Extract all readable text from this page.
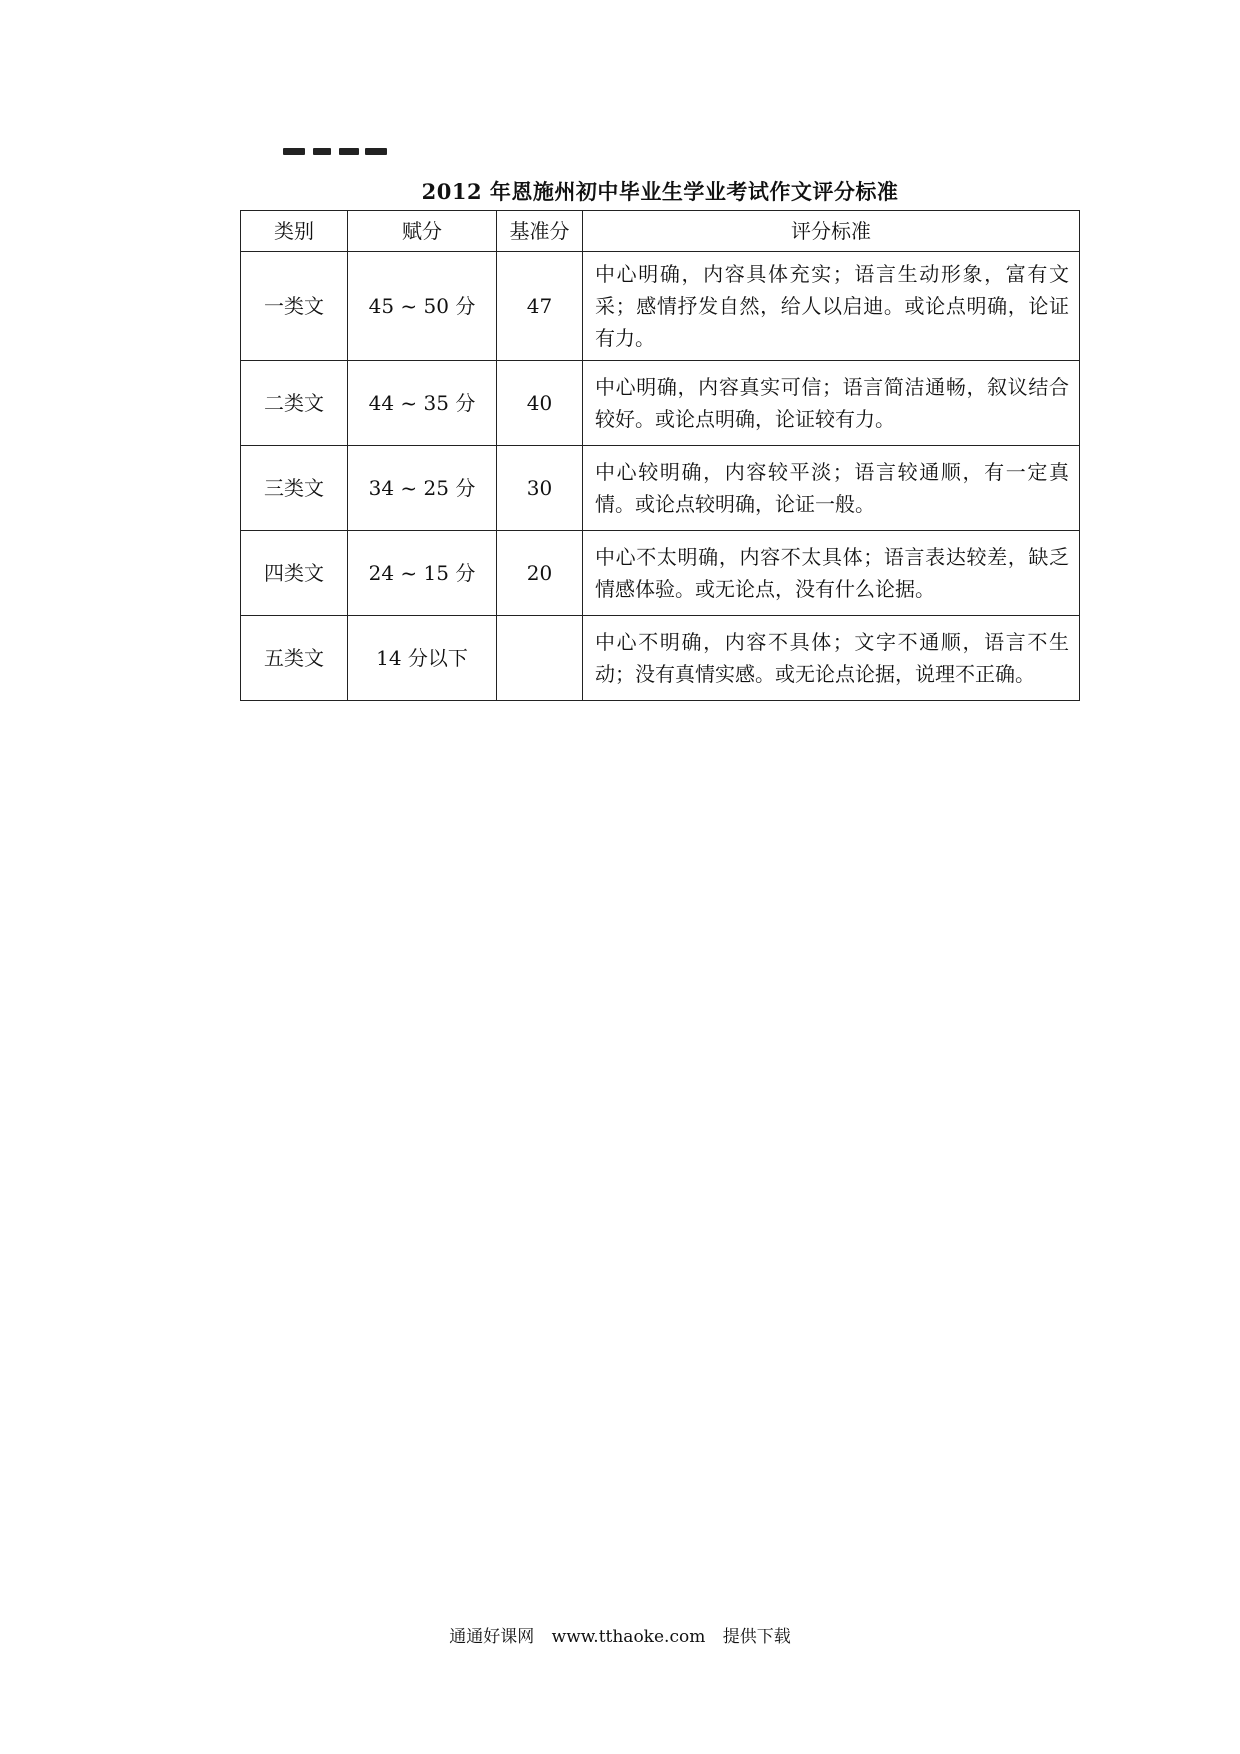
2012 年恩施州初中毕业生学业考试作文评分标准
类别	赋分	基准分	评分标准
一类文	45 ~ 50 分	47	中心明确，内容具体充实；语言生动形象，富有文采；感情抒发自然，给人以启迪。或论点明确，论证有力。
二类文	44 ~ 35 分	40	中心明确，内容真实可信；语言简洁通畅，叙议结合较好。或论点明确，论证较有力。
三类文	34 ~ 25 分	30	中心较明确，内容较平淡；语言较通顺，有一定真情。或论点较明确，论证一般。
四类文	24 ~ 15 分	20	中心不太明确，内容不太具体；语言表达较差，缺乏情感体验。或无论点，没有什么论据。
五类文	14 分以下		中心不明确，内容不具体；文字不通顺，语言不生动；没有真情实感。或无论点论据，说理不正确。
通通好课网 www.tthaoke.com 提供下载
